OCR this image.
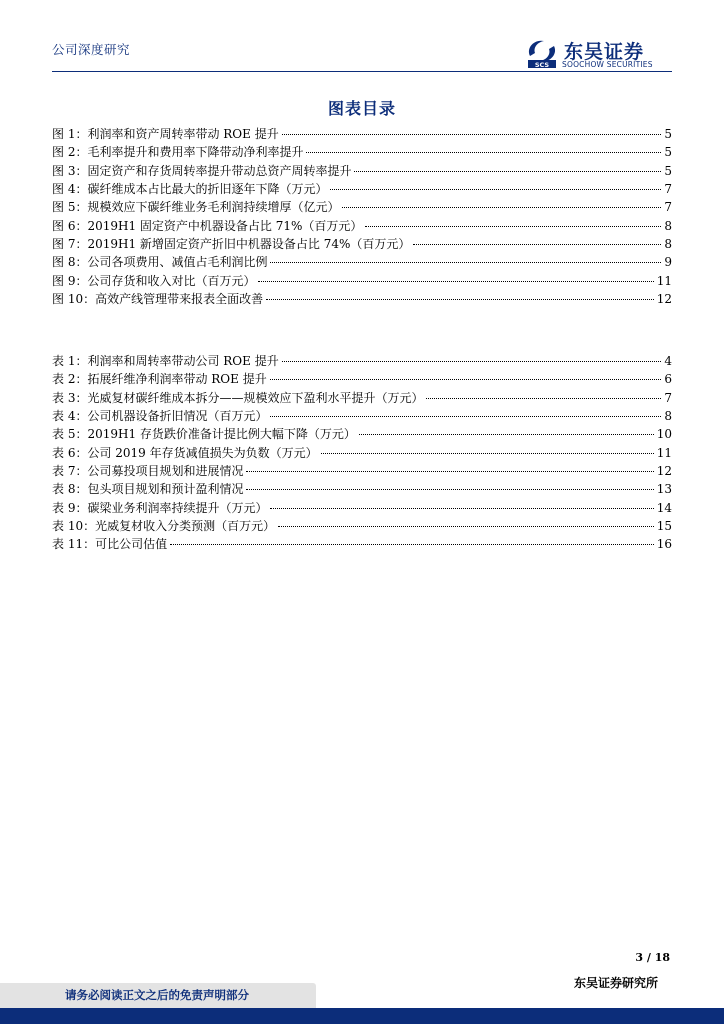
公司深度研究
SCS
东吴证券
SOOCHOW SECURITIES
图表目录
图 1：利润率和资产周转率带动 ROE 提升	5
图 2：毛利率提升和费用率下降带动净利率提升	5
图 3：固定资产和存货周转率提升带动总资产周转率提升	5
图 4：碳纤维成本占比最大的折旧逐年下降（万元）	7
图 5：规模效应下碳纤维业务毛利润持续增厚（亿元）	7
图 6：2019H1 固定资产中机器设备占比 71%（百万元）	8
图 7：2019H1 新增固定资产折旧中机器设备占比 74%（百万元）	8
图 8：公司各项费用、减值占毛利润比例	9
图 9：公司存货和收入对比（百万元）	11
图 10：高效产线管理带来报表全面改善	12
表 1：利润率和周转率带动公司 ROE 提升	4
表 2：拓展纤维净利润率带动 ROE 提升	6
表 3：光威复材碳纤维成本拆分——规模效应下盈利水平提升（万元）	7
表 4：公司机器设备折旧情况（百万元）	8
表 5：2019H1 存货跌价准备计提比例大幅下降（万元）	10
表 6：公司 2019 年存货减值损失为负数（万元）	11
表 7：公司募投项目规划和进展情况	12
表 8：包头项目规划和预计盈利情况	13
表 9：碳梁业务利润率持续提升（万元）	14
表 10：光威复材收入分类预测（百万元）	15
表 11：可比公司估值	16
3 / 18
东吴证券研究所
请务必阅读正文之后的免责声明部分
